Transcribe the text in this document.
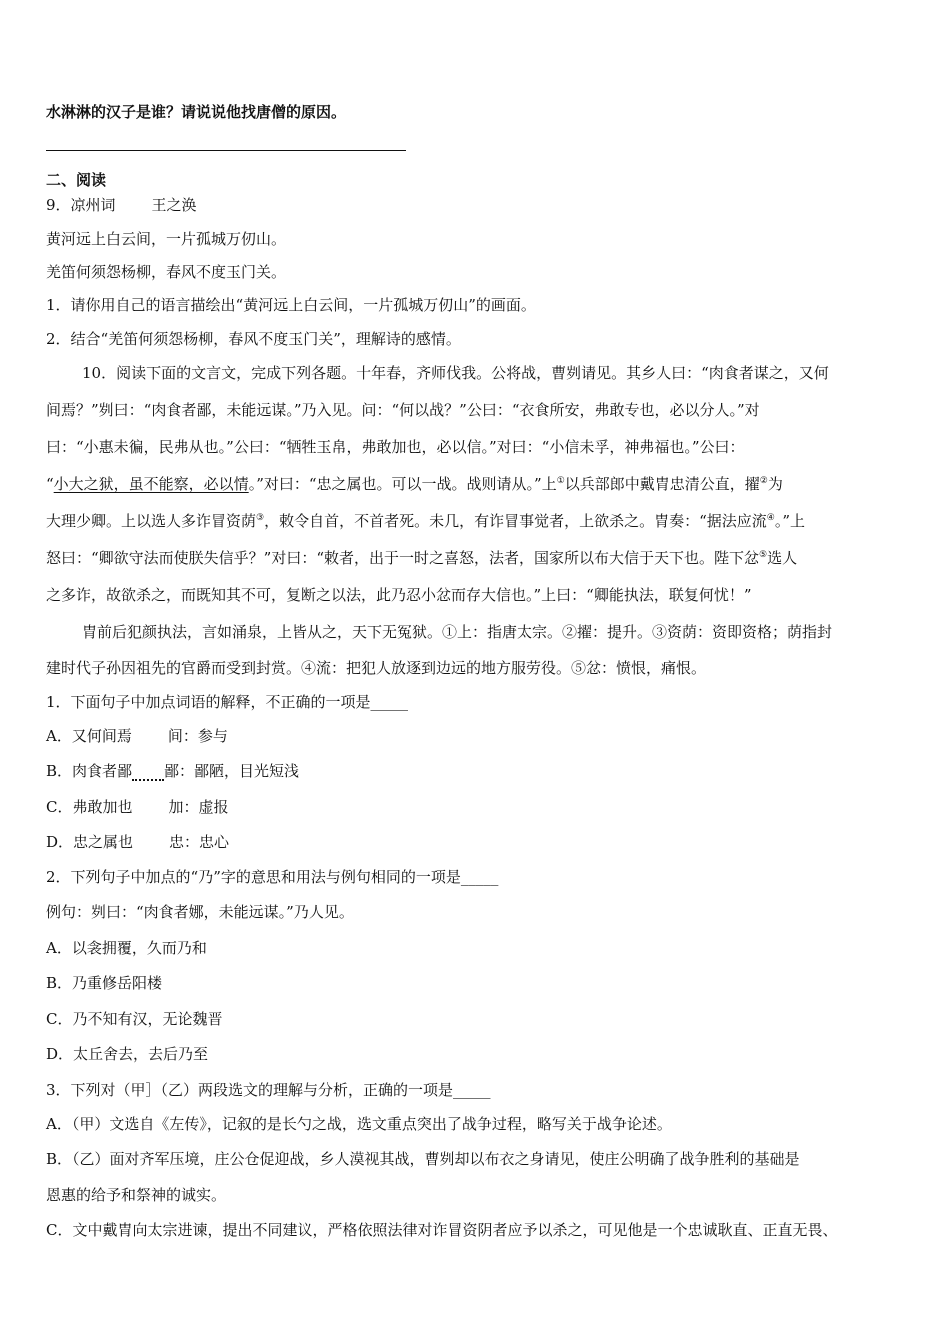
水淋淋的汉子是谁？请说说他找唐僧的原因。
二、阅读
9．凉州词 王之涣
黄河远上白云间，一片孤城万仞山。
羌笛何须怨杨柳，春风不度玉门关。
1．请你用自己的语言描绘出“黄河远上白云间，一片孤城万仞山”的画面。
2．结合“羌笛何须怨杨柳，春风不度玉门关”，理解诗的感情。
10．阅读下面的文言文，完成下列各题。十年春，齐师伐我。公将战，曹刿请见。其乡人曰：“肉食者谋之，又何
间焉？”刿曰：“肉食者鄙，未能远谋。”乃入见。问：“何以战？”公曰：“衣食所安，弗敢专也，必以分人。”对
曰：“小惠未徧，民弗从也。”公曰：“牺牲玉帛，弗敢加也，必以信。”对曰：“小信未孚，神弗福也。”公曰：
“小大之狱，虽不能察，必以情。”对曰：“忠之属也。可以一战。战则请从。”上①以兵部郎中戴胄忠清公直，擢②为
大理少卿。上以选人多诈冒资荫③，敕令自首，不首者死。未几，有诈冒事觉者，上欲杀之。胄奏：“据法应流④。”上
怒曰：“卿欲守法而使朕失信乎？”对曰：“敕者，出于一时之喜怒，法者，国家所以布大信于天下也。陛下忿⑤选人
之多诈，故欲杀之，而既知其不可，复断之以法，此乃忍小忿而存大信也。”上曰：“卿能执法，联复何忧！”
胄前后犯颜执法，言如涌泉，上皆从之，天下无冤狱。①上：指唐太宗。②擢：提升。③资荫：资即资格；荫指封
建时代子孙因祖先的官爵而受到封赏。④流：把犯人放逐到边远的地方服劳役。⑤忿：愤恨，痛恨。
1．下面句子中加点词语的解释，不正确的一项是_____
A．又何间焉 间：参与
B．肉食者鄙 鄙：鄙陋，目光短浅
C．弗敢加也 加：虚报
D．忠之属也 忠：忠心
2．下列句子中加点的“乃”字的意思和用法与例句相同的一项是_____
例句：刿曰：“肉食者娜，未能远谋。”乃人见。
A．以衾拥覆，久而乃和
B．乃重修岳阳楼
C．乃不知有汉，无论魏晋
D．太丘舍去，去后乃至
3．下列对（甲］（乙）两段选文的理解与分析，正确的一项是_____
A．（甲）文选自《左传》，记叙的是长勺之战，选文重点突出了战争过程，略写关于战争论述。
B．（乙）面对齐军压境，庄公仓促迎战，乡人漠视其战，曹刿却以布衣之身请见，使庄公明确了战争胜利的基础是
恩惠的给予和祭神的诚实。
C．文中戴胄向太宗进谏，提出不同建议，严格依照法律对诈冒资阴者应予以杀之，可见他是一个忠诚耿直、正直无畏、
